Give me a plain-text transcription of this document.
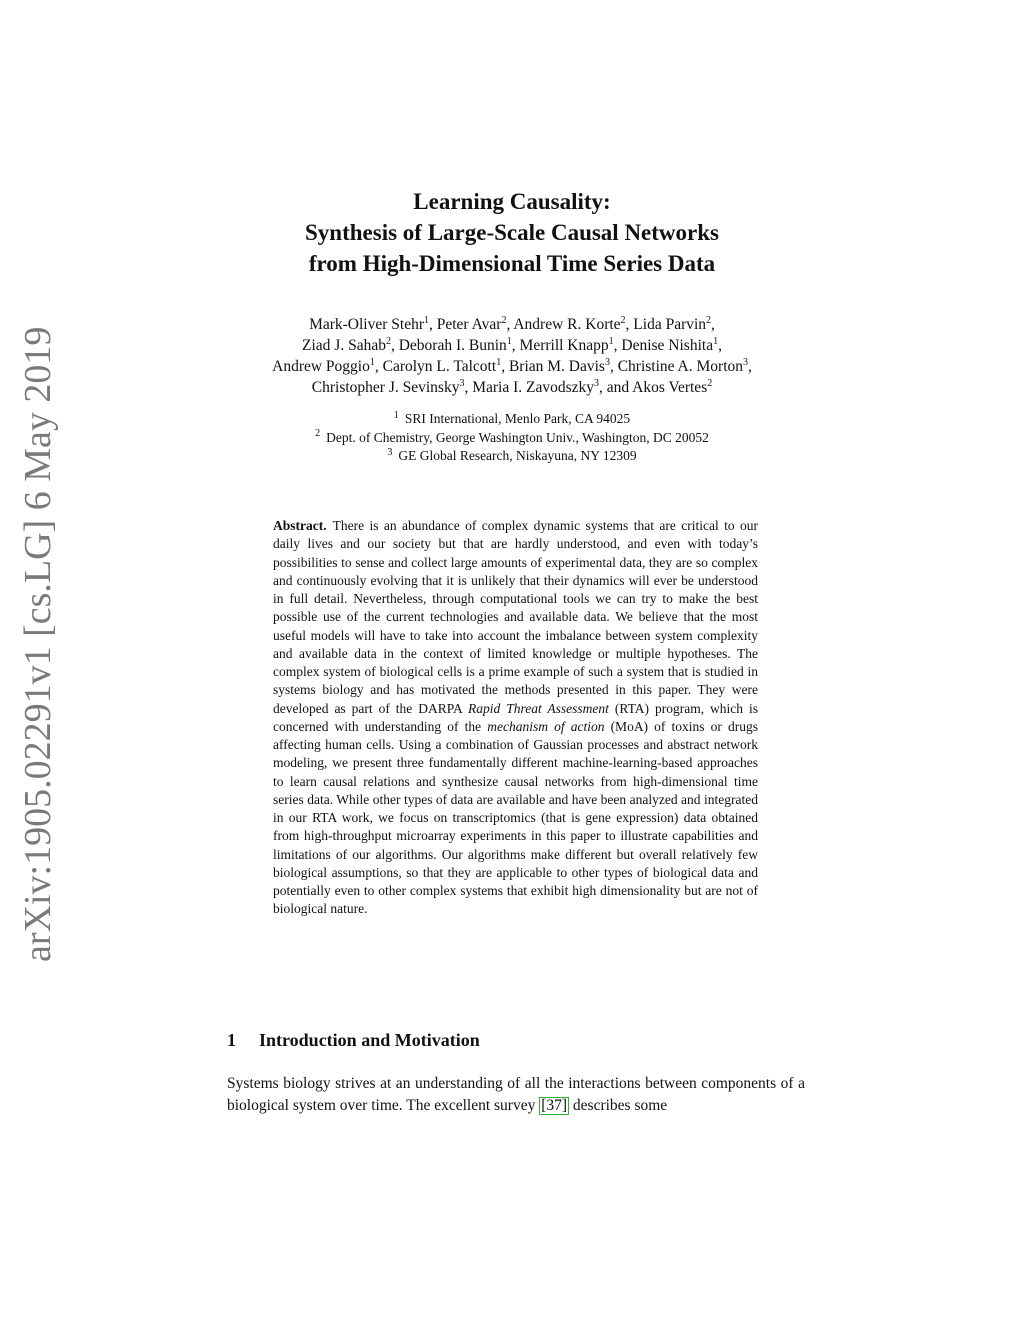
arXiv:1905.02291v1 [cs.LG] 6 May 2019
Learning Causality:
Synthesis of Large-Scale Causal Networks
from High-Dimensional Time Series Data
Mark-Oliver Stehr$^1$, Peter Avar$^2$, Andrew R. Korte$^2$, Lida Parvin$^2$,
Ziad J. Sahab$^2$, Deborah I. Bunin$^1$, Merrill Knapp$^1$, Denise Nishita$^1$,
Andrew Poggio$^1$, Carolyn L. Talcott$^1$, Brian M. Davis$^3$, Christine A. Morton$^3$,
Christopher J. Sevinsky$^3$, Maria I. Zavodszky$^3$, and Akos Vertes$^2$
$^1$ SRI International, Menlo Park, CA 94025
$^2$ Dept. of Chemistry, George Washington Univ., Washington, DC 20052
$^3$ GE Global Research, Niskayuna, NY 12309
Abstract. There is an abundance of complex dynamic systems that are critical to our daily lives and our society but that are hardly understood, and even with today’s possibilities to sense and collect large amounts of experimental data, they are so complex and continuously evolving that it is unlikely that their dynamics will ever be understood in full detail. Nevertheless, through computational tools we can try to make the best possible use of the current technologies and available data. We believe that the most useful models will have to take into account the imbalance between system complexity and available data in the context of limited knowledge or multiple hypotheses. The complex system of biological cells is a prime example of such a system that is studied in systems biology and has motivated the methods presented in this paper. They were developed as part of the DARPA Rapid Threat Assessment (RTA) program, which is concerned with understanding of the mechanism of action (MoA) of toxins or drugs affecting human cells. Using a combination of Gaussian processes and abstract network modeling, we present three fundamentally different machine-learning-based approaches to learn causal relations and synthesize causal networks from high-dimensional time series data. While other types of data are available and have been analyzed and integrated in our RTA work, we focus on transcriptomics (that is gene expression) data obtained from high-throughput microarray experiments in this paper to illustrate capabilities and limitations of our algorithms. Our algorithms make different but overall relatively few biological assumptions, so that they are applicable to other types of biological data and potentially even to other complex systems that exhibit high dimensionality but are not of biological nature.
1 Introduction and Motivation
Systems biology strives at an understanding of all the interactions between components of a biological system over time. The excellent survey [37] describes some
